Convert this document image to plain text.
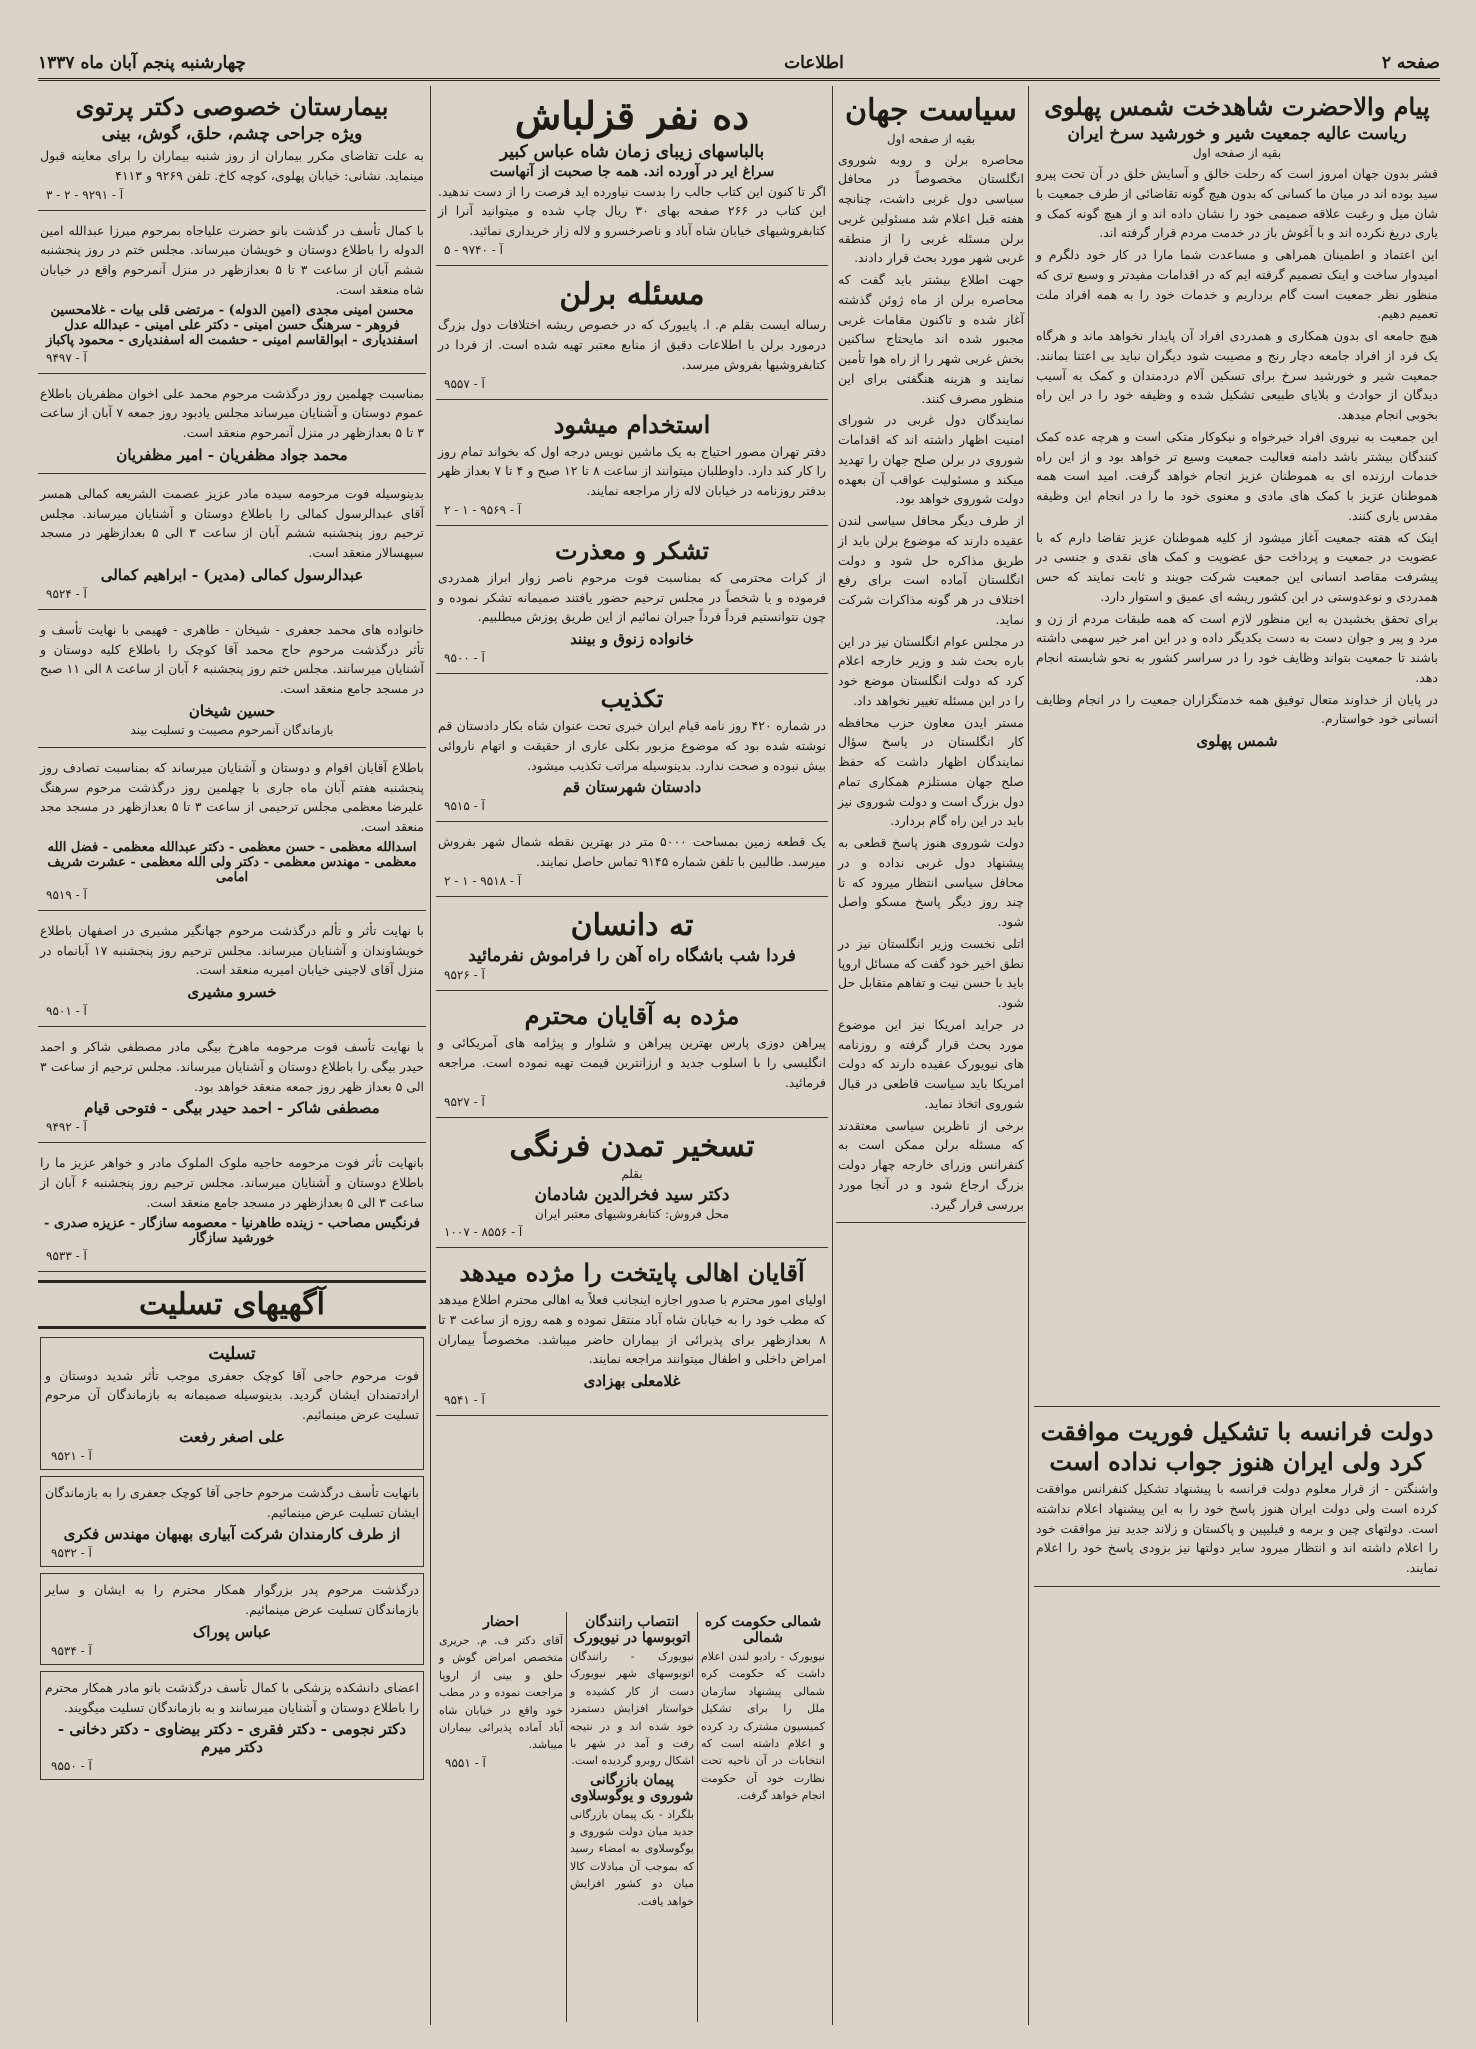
صفحه ۲
اطلاعات
چهارشنبه پنجم آبان ماه ۱۳۳۷
پیام والاحضرت شاهدخت شمس پهلوی
ریاست عالیه جمعیت شیر و خورشید سرخ ایران
بقیه از صفحه اول

قشر بدون جهان امروز است که رحلت خالق و آسایش خلق در آن تحت پیرو سید بوده اند در میان ما کسانی که بدون هیچ گونه تقاضائی از طرف جمعیت با شان میل و رغبت علاقه صمیمی خود را نشان داده اند و از هیچ گونه کمک و یاری دریغ نکرده اند و با آغوش باز در خدمت مردم قرار گرفته اند.

این اعتماد و اطمینان همراهی و مساعدت شما مارا در کار خود دلگرم و امیدوار ساخت و اینک تصمیم گرفته ایم که در اقدامات مفیدتر و وسیع تری که منظور نظر جمعیت است گام برداریم و خدمات خود را به همه افراد ملت تعمیم دهیم.

هیچ جامعه ای بدون همکاری و همدردی افراد آن پایدار نخواهد ماند و هرگاه یک فرد از افراد جامعه دچار رنج و مصیبت شود دیگران نباید بی اعتنا بمانند. جمعیت شیر و خورشید سرخ برای تسکین آلام دردمندان و کمک به آسیب دیدگان از حوادث و بلایای طبیعی تشکیل شده و وظیفه خود را در این راه بخوبی انجام میدهد.

این جمعیت به نیروی افراد خیرخواه و نیکوکار متکی است و هرچه عده کمک کنندگان بیشتر باشد دامنه فعالیت جمعیت وسیع تر خواهد بود و از این راه خدمات ارزنده ای به هموطنان عزیز انجام خواهد گرفت. امید است همه هموطنان عزیز با کمک های مادی و معنوی خود ما را در انجام این وظیفه مقدس یاری کنند.

اینک که هفته جمعیت آغاز میشود از کلیه هموطنان عزیز تقاضا دارم که با عضویت در جمعیت و پرداخت حق عضویت و کمک های نقدی و جنسی در پیشرفت مقاصد انسانی این جمعیت شرکت جویند و ثابت نمایند که حس همدردی و نوعدوستی در این کشور ریشه ای عمیق و استوار دارد.

برای تحقق بخشیدن به این منظور لازم است که همه طبقات مردم از زن و مرد و پیر و جوان دست به دست یکدیگر داده و در این امر خیر سهمی داشته باشند تا جمعیت بتواند وظایف خود را در سراسر کشور به نحو شایسته انجام دهد.

در پایان از خداوند متعال توفیق همه خدمتگزاران جمعیت را در انجام وظایف انسانی خود خواستارم.

شمس پهلوی
دولت فرانسه با تشکیل فوریت موافقت کرد ولی ایران هنوز جواب نداده است

واشنگتن - از قرار معلوم دولت فرانسه با پیشنهاد تشکیل کنفرانس موافقت کرده است ولی دولت ایران هنوز پاسخ خود را به این پیشنهاد اعلام نداشته است. دولتهای چین و برمه و فیلیپین و پاکستان و زلاند جدید نیز موافقت خود را اعلام داشته اند و انتظار میرود سایر دولتها نیز بزودی پاسخ خود را اعلام نمایند.

سیاست جهان
بقیه از صفحه اول

محاصره برلن و روبه شوروی انگلستان مخصوصاً در محافل سیاسی دول غربی داشت، چنانچه هفته قبل اعلام شد مسئولین غربی برلن مسئله غربی را از منطقه غربی شهر مورد بحث قرار دادند.

جهت اطلاع بیشتر باید گفت که محاصره برلن از ماه ژوئن گذشته آغاز شده و تاکنون مقامات غربی مجبور شده اند مایحتاج ساکنین بخش غربی شهر را از راه هوا تأمین نمایند و هزینه هنگفتی برای این منظور مصرف کنند.

نمایندگان دول غربی در شورای امنیت اظهار داشته اند که اقدامات شوروی در برلن صلح جهان را تهدید میکند و مسئولیت عواقب آن بعهده دولت شوروی خواهد بود.

از طرف دیگر محافل سیاسی لندن عقیده دارند که موضوع برلن باید از طریق مذاکره حل شود و دولت انگلستان آماده است برای رفع اختلاف در هر گونه مذاکرات شرکت نماید.

در مجلس عوام انگلستان نیز در این باره بحث شد و وزیر خارجه اعلام کرد که دولت انگلستان موضع خود را در این مسئله تغییر نخواهد داد.

مستر ایدن معاون حزب محافظه کار انگلستان در پاسخ سؤال نمایندگان اظهار داشت که حفظ صلح جهان مستلزم همکاری تمام دول بزرگ است و دولت شوروی نیز باید در این راه گام بردارد.

دولت شوروی هنوز پاسخ قطعی به پیشنهاد دول غربی نداده و در محافل سیاسی انتظار میرود که تا چند روز دیگر پاسخ مسکو واصل شود.

اتلی نخست وزیر انگلستان نیز در نطق اخیر خود گفت که مسائل اروپا باید با حسن نیت و تفاهم متقابل حل شود.

در جراید امریکا نیز این موضوع مورد بحث قرار گرفته و روزنامه های نیویورک عقیده دارند که دولت امریکا باید سیاست قاطعی در قبال شوروی اتخاذ نماید.

برخی از ناظرین سیاسی معتقدند که مسئله برلن ممکن است به کنفرانس وزرای خارجه چهار دولت بزرگ ارجاع شود و در آنجا مورد بررسی قرار گیرد.

ده نفر قزلباش
بالباسهای زیبای زمان شاه عباس کبیر
سراغ ایر در آورده اند. همه جا صحبت از آنهاست

اگر تا کنون این کتاب جالب را بدست نیاورده اید فرصت را از دست ندهید. این کتاب در ۲۶۶ صفحه بهای ۳۰ ریال چاپ شده و میتوانید آنرا از کتابفروشیهای خیابان شاه آباد و ناصرخسرو و لاله زار خریداری نمائید.

آ - ۹۷۴۰ - ۵
مسئله برلن

رساله ایست بقلم م. ا. پاییورک که در خصوص ریشه اختلافات دول بزرگ درمورد برلن با اطلاعات دقیق از منابع معتبر تهیه شده است. از فردا در کتابفروشیها بفروش میرسد.

آ - ۹۵۵۷
استخدام میشود

دفتر تهران مصور احتیاج به یک ماشین نویس درجه اول که بخواند تمام روز را کار کند دارد. داوطلبان میتوانند از ساعت ۸ تا ۱۲ صبح و ۴ تا ۷ بعداز ظهر بدفتر روزنامه در خیابان لاله زار مراجعه نمایند.

آ - ۹۵۶۹ - ۱ - ۲
تشکر و معذرت

از کرات محترمی که بمناسبت فوت مرحوم ناصر زوار ابراز همدردی فرموده و یا شخصاً در مجلس ترحیم حضور یافتند صمیمانه تشکر نموده و چون نتوانستیم فرداً فرداً جبران نمائیم از این طریق پوزش میطلبیم.

خانواده زنوق و بینند
آ - ۹۵۰۰
تکذیب

در شماره ۴۲۰ روز نامه قیام ایران خبری تحت عنوان شاه بکار دادستان قم نوشته شده بود که موضوع مزبور بکلی عاری از حقیقت و اتهام ناروائی بیش نبوده و صحت ندارد. بدینوسیله مراتب تکذیب میشود.

دادستان شهرستان قم
آ - ۹۵۱۵

یک قطعه زمین بمساحت ۵۰۰۰ متر در بهترین نقطه شمال شهر بفروش میرسد. طالبین با تلفن شماره ۹۱۴۵ تماس حاصل نمایند.

آ - ۹۵۱۸ - ۱ - ۲
ته دانسان
فردا شب باشگاه راه آهن را فراموش نفرمائید
آ - ۹۵۲۶
مژده به آقایان محترم

پیراهن دوزی پارس بهترین پیراهن و شلوار و پیژامه های آمریکائی و انگلیسی را با اسلوب جدید و ارزانترین قیمت تهیه نموده است. مراجعه فرمائید.

آ - ۹۵۲۷
تسخیر تمدن فرنگی
بقلم
دکتر سید فخرالدین شادمان
محل فروش: کتابفروشیهای معتبر ایران
آ - ۸۵۵۶ - ۱۰۰۷
آقایان اهالی پایتخت را مژده میدهد

اولیای امور محترم با صدور اجازه اینجانب فعلاً به اهالی محترم اطلاع میدهد که مطب خود را به خیابان شاه آباد منتقل نموده و همه روزه از ساعت ۳ تا ۸ بعدازظهر برای پذیرائی از بیماران حاضر میباشد. مخصوصاً بیماران امراض داخلی و اطفال میتوانند مراجعه نمایند.

غلامعلی بهزادی
آ - ۹۵۴۱
شمالی حکومت کره شمالی

نیویورک - رادیو لندن اعلام داشت که حکومت کره شمالی پیشنهاد سازمان ملل را برای تشکیل کمیسیون مشترک رد کرده و اعلام داشته است که انتخابات در آن ناحیه تحت نظارت خود آن حکومت انجام خواهد گرفت.

انتصاب رانندگان اتوبوسها در نیویورک

نیویورک - رانندگان اتوبوسهای شهر نیویورک دست از کار کشیده و خواستار افزایش دستمزد خود شده اند و در نتیجه رفت و آمد در شهر با اشکال روبرو گردیده است.

پیمان بازرگانی شوروی و یوگوسلاوی

بلگراد - یک پیمان بازرگانی جدید میان دولت شوروی و یوگوسلاوی به امضاء رسید که بموجب آن مبادلات کالا میان دو کشور افزایش خواهد یافت.

احضار

آقای دکتر ف. م. حریری متخصص امراض گوش و حلق و بینی از اروپا مراجعت نموده و در مطب خود واقع در خیابان شاه آباد آماده پذیرائی بیماران میباشد.

آ - ۹۵۵۱
بیمارستان خصوصی دکتر پرتوی
ویژه جراحی چشم، حلق، گوش، بینی

به علت تقاضای مکرر بیماران از روز شنبه بیماران را برای معاینه قبول مینماید. نشانی: خیابان پهلوی، کوچه کاخ. تلفن ۹۲۶۹ و ۴۱۱۳

آ - ۹۲۹۱ - ۲ - ۳

با کمال تأسف در گذشت بانو حضرت علیاجاه بمرحوم میرزا عبدالله امین الدوله را باطلاع دوستان و خویشان میرساند. مجلس ختم در روز پنجشنبه ششم آبان از ساعت ۳ تا ۵ بعدازظهر در منزل آنمرحوم واقع در خیابان شاه منعقد است.

محسن امینی مجدی (امین الدوله) - مرتضی قلی بیات - غلامحسین فروهر - سرهنگ حسن امینی - دکتر علی امینی - عبدالله عدل اسفندیاری - ابوالقاسم امینی - حشمت اله اسفندیاری - محمود پاکباز
آ - ۹۴۹۷

بمناسبت چهلمین روز درگذشت مرحوم محمد علی اخوان مظفریان باطلاع عموم دوستان و آشنایان میرساند مجلس یادبود روز جمعه ۷ آبان از ساعت ۳ تا ۵ بعدازظهر در منزل آنمرحوم منعقد است.

محمد جواد مظفریان - امیر مظفریان

بدینوسیله فوت مرحومه سیده مادر عزیز عصمت الشریعه کمالی همسر آقای عبدالرسول کمالی را باطلاع دوستان و آشنایان میرساند. مجلس ترحیم روز پنجشنبه ششم آبان از ساعت ۳ الی ۵ بعدازظهر در مسجد سپهسالار منعقد است.

عبدالرسول کمالی (مدیر) - ابراهیم کمالی
آ - ۹۵۲۴

خانواده های محمد جعفری - شیخان - طاهری - فهیمی با نهایت تأسف و تأثر درگذشت مرحوم حاج محمد آقا کوچک را باطلاع کلیه دوستان و آشنایان میرسانند. مجلس ختم روز پنجشنبه ۶ آبان از ساعت ۸ الی ۱۱ صبح در مسجد جامع منعقد است.

حسین شیخان
بازماندگان آنمرحوم مصیبت و تسلیت بیند

باطلاع آقایان اقوام و دوستان و آشنایان میرساند که بمناسبت تصادف روز پنجشنبه هفتم آبان ماه جاری با چهلمین روز درگذشت مرحوم سرهنگ علیرضا معظمی مجلس ترحیمی از ساعت ۳ تا ۵ بعدازظهر در مسجد مجد منعقد است.

اسدالله معظمی - حسن معظمی - دکتر عبدالله معظمی - فضل الله معظمی - مهندس معظمی - دکتر ولی الله معظمی - عشرت شریف امامی
آ - ۹۵۱۹

با نهایت تأثر و تألم درگذشت مرحوم جهانگیر مشیری در اصفهان باطلاع خویشاوندان و آشنایان میرساند. مجلس ترحیم روز پنجشنبه ۱۷ آبانماه در منزل آقای لاجینی خیابان امیریه منعقد است.

خسرو مشیری
آ - ۹۵۰۱

با نهایت تأسف فوت مرحومه ماهرخ بیگی مادر مصطفی شاکر و احمد حیدر بیگی را باطلاع دوستان و آشنایان میرساند. مجلس ترحیم از ساعت ۳ الی ۵ بعداز ظهر روز جمعه منعقد خواهد بود.

مصطفی شاکر - احمد حیدر بیگی - فتوحی قیام
آ - ۹۴۹۲

بانهایت تأثر فوت مرحومه حاجیه ملوک الملوک مادر و خواهر عزیز ما را باطلاع دوستان و آشنایان میرساند. مجلس ترحیم روز پنجشنبه ۶ آبان از ساعت ۳ الی ۵ بعدازظهر در مسجد جامع منعقد است.

فرنگیس مصاحب - زینده طاهرنیا - معصومه سازگار - عزیزه صدری - خورشید سازگار
آ - ۹۵۳۳
آگهیهای تسلیت
تسلیت

فوت مرحوم حاجی آقا کوچک جعفری موجب تأثر شدید دوستان و ارادتمندان ایشان گردید. بدینوسیله صمیمانه به بازماندگان آن مرحوم تسلیت عرض مینمائیم.

علی اصغر رفعت
آ - ۹۵۲۱

بانهایت تأسف درگذشت مرحوم حاجی آقا کوچک جعفری را به بازماندگان ایشان تسلیت عرض مینمائیم.

از طرف کارمندان شرکت آبیاری بهبهان مهندس فکری
آ - ۹۵۳۲

درگذشت مرحوم پدر بزرگوار همکار محترم را به ایشان و سایر بازماندگان تسلیت عرض مینمائیم.

عباس پوراک
آ - ۹۵۳۴

اعضای دانشکده پزشکی با کمال تأسف درگذشت بانو مادر همکار محترم را باطلاع دوستان و آشنایان میرسانند و به بازماندگان تسلیت میگویند.

دکتر نجومی - دکتر فقری - دکتر بیضاوی - دکتر دخانی - دکتر میرم
آ - ۹۵۵۰
